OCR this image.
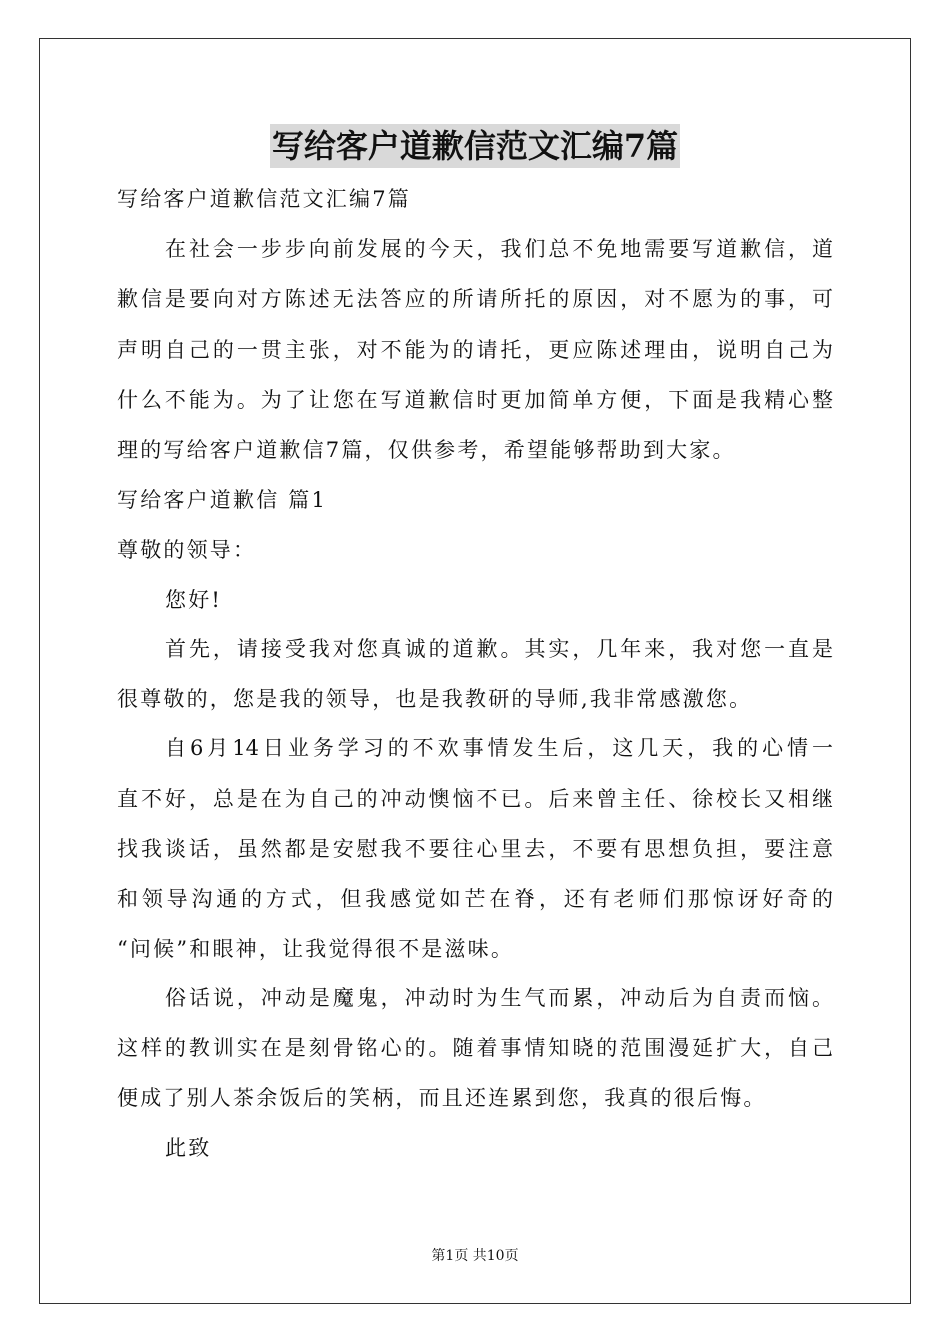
写给客户道歉信范文汇编7篇
写给客户道歉信范文汇编7篇
在社会一步步向前发展的今天，我们总不免地需要写道歉信，道
歉信是要向对方陈述无法答应的所请所托的原因，对不愿为的事，可
声明自己的一贯主张，对不能为的请托，更应陈述理由，说明自己为
什么不能为。为了让您在写道歉信时更加简单方便，下面是我精心整
理的写给客户道歉信7篇，仅供参考，希望能够帮助到大家。
写给客户道歉信 篇1
尊敬的领导：
您好!
首先，请接受我对您真诚的道歉。其实，几年来，我对您一直是
很尊敬的，您是我的领导，也是我教研的导师,我非常感激您。
自6月14日业务学习的不欢事情发生后，这几天，我的心情一
直不好，总是在为自己的冲动懊恼不已。后来曾主任、徐校长又相继
找我谈话，虽然都是安慰我不要往心里去，不要有思想负担，要注意
和领导沟通的方式，但我感觉如芒在脊，还有老师们那惊讶好奇的
“问候”和眼神，让我觉得很不是滋味。
俗话说，冲动是魔鬼，冲动时为生气而累，冲动后为自责而恼。
这样的教训实在是刻骨铭心的。随着事情知晓的范围漫延扩大，自己
便成了别人茶余饭后的笑柄，而且还连累到您，我真的很后悔。
此致
第1页 共10页
